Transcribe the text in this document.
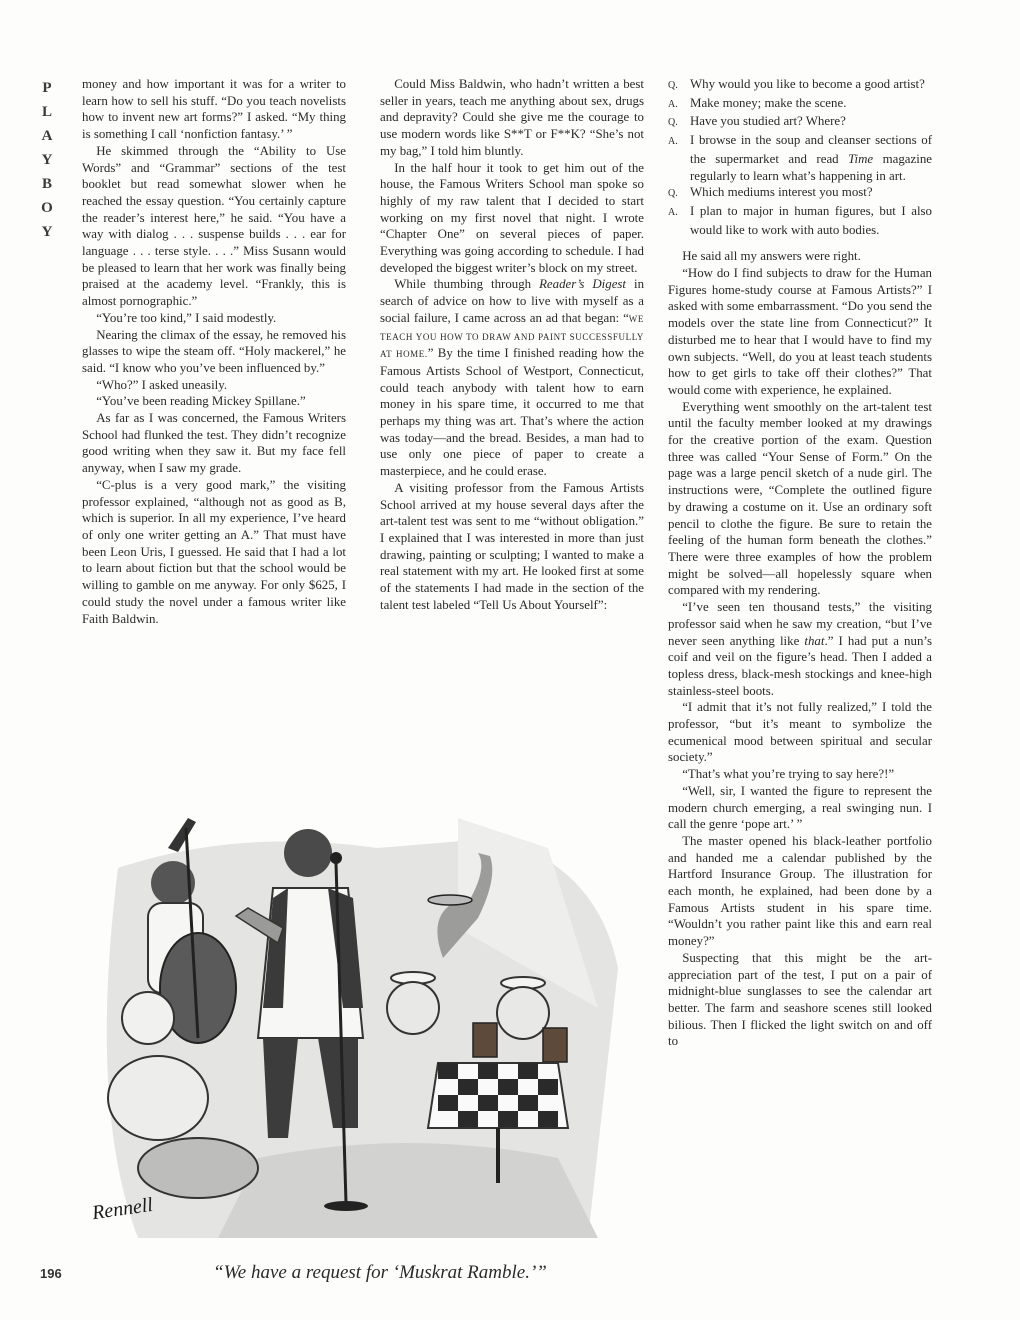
P
L
A
Y
B
O
Y

money and how important it was for a writer to learn how to sell his stuff. “Do you teach novelists how to invent new art forms?” I asked. “My thing is something I call ‘nonfiction fantasy.’ ”

He skimmed through the “Ability to Use Words” and “Grammar” sections of the test booklet but read somewhat slower when he reached the essay question. “You certainly capture the reader’s interest here,” he said. “You have a way with dialog . . . suspense builds . . . ear for language . . . terse style. . . .” Miss Susann would be pleased to learn that her work was finally being praised at the academy level. “Frankly, this is almost pornographic.”

“You’re too kind,” I said modestly.

Nearing the climax of the essay, he removed his glasses to wipe the steam off. “Holy mackerel,” he said. “I know who you’ve been influenced by.”

“Who?” I asked uneasily.

“You’ve been reading Mickey Spillane.”

As far as I was concerned, the Famous Writers School had flunked the test. They didn’t recognize good writing when they saw it. But my face fell anyway, when I saw my grade.

“C-plus is a very good mark,” the visiting professor explained, “although not as good as B, which is superior. In all my experience, I’ve heard of only one writer getting an A.” That must have been Leon Uris, I guessed. He said that I had a lot to learn about fiction but that the school would be willing to gamble on me anyway. For only $625, I could study the novel under a famous writer like Faith Baldwin.

Could Miss Baldwin, who hadn’t written a best seller in years, teach me anything about sex, drugs and depravity? Could she give me the courage to use modern words like S**T or F**K? “She’s not my bag,” I told him bluntly.

In the half hour it took to get him out of the house, the Famous Writers School man spoke so highly of my raw talent that I decided to start working on my first novel that night. I wrote “Chapter One” on several pieces of paper. Everything was going according to schedule. I had developed the biggest writer’s block on my street.

While thumbing through Reader’s Digest in search of advice on how to live with myself as a social failure, I came across an ad that began: “WE TEACH YOU HOW TO DRAW AND PAINT SUCCESSFULLY AT HOME.” By the time I finished reading how the Famous Artists School of Westport, Connecticut, could teach anybody with talent how to earn money in his spare time, it occurred to me that perhaps my thing was art. That’s where the action was today—and the bread. Besides, a man had to use only one piece of paper to create a masterpiece, and he could erase.

A visiting professor from the Famous Artists School arrived at my house several days after the art-talent test was sent to me “without obligation.” I explained that I was interested in more than just drawing, painting or sculpting; I wanted to make a real statement with my art. He looked first at some of the statements I had made in the section of the talent test labeled “Tell Us About Yourself”:

Q. Why would you like to become a good artist?

A. Make money; make the scene.

Q. Have you studied art? Where?

A. I browse in the soup and cleanser sections of the supermarket and read Time magazine regularly to learn what’s happening in art.

Q. Which mediums interest you most?

A. I plan to major in human figures, but I also would like to work with auto bodies.

He said all my answers were right.

“How do I find subjects to draw for the Human Figures home-study course at Famous Artists?” I asked with some embarrassment. “Do you send the models over the state line from Connecticut?” It disturbed me to hear that I would have to find my own subjects. “Well, do you at least teach students how to get girls to take off their clothes?” That would come with experience, he explained.

Everything went smoothly on the art-talent test until the faculty member looked at my drawings for the creative portion of the exam. Question three was called “Your Sense of Form.” On the page was a large pencil sketch of a nude girl. The instructions were, “Complete the outlined figure by drawing a costume on it. Use an ordinary soft pencil to clothe the figure. Be sure to retain the feeling of the human form beneath the clothes.” There were three examples of how the problem might be solved—all hopelessly square when compared with my rendering.

“I’ve seen ten thousand tests,” the visiting professor said when he saw my creation, “but I’ve never seen anything like that.” I had put a nun’s coif and veil on the figure’s head. Then I added a topless dress, black-mesh stockings and knee-high stainless-steel boots.

“I admit that it’s not fully realized,” I told the professor, “but it’s meant to symbolize the ecumenical mood between spiritual and secular society.”

“That’s what you’re trying to say here?!”

“Well, sir, I wanted the figure to represent the modern church emerging, a real swinging nun. I call the genre ‘pope art.’ ”

The master opened his black-leather portfolio and handed me a calendar published by the Hartford Insurance Group. The illustration for each month, he explained, had been done by a Famous Artists student in his spare time. “Wouldn’t you rather paint like this and earn real money?”

Suspecting that this might be the art-appreciation part of the test, I put on a pair of midnight-blue sunglasses to see the calendar art better. The farm and seashore scenes still looked bilious. Then I flicked the light switch on and off to

Rennell
“We have a request for ‘Muskrat Ramble.’”
196
